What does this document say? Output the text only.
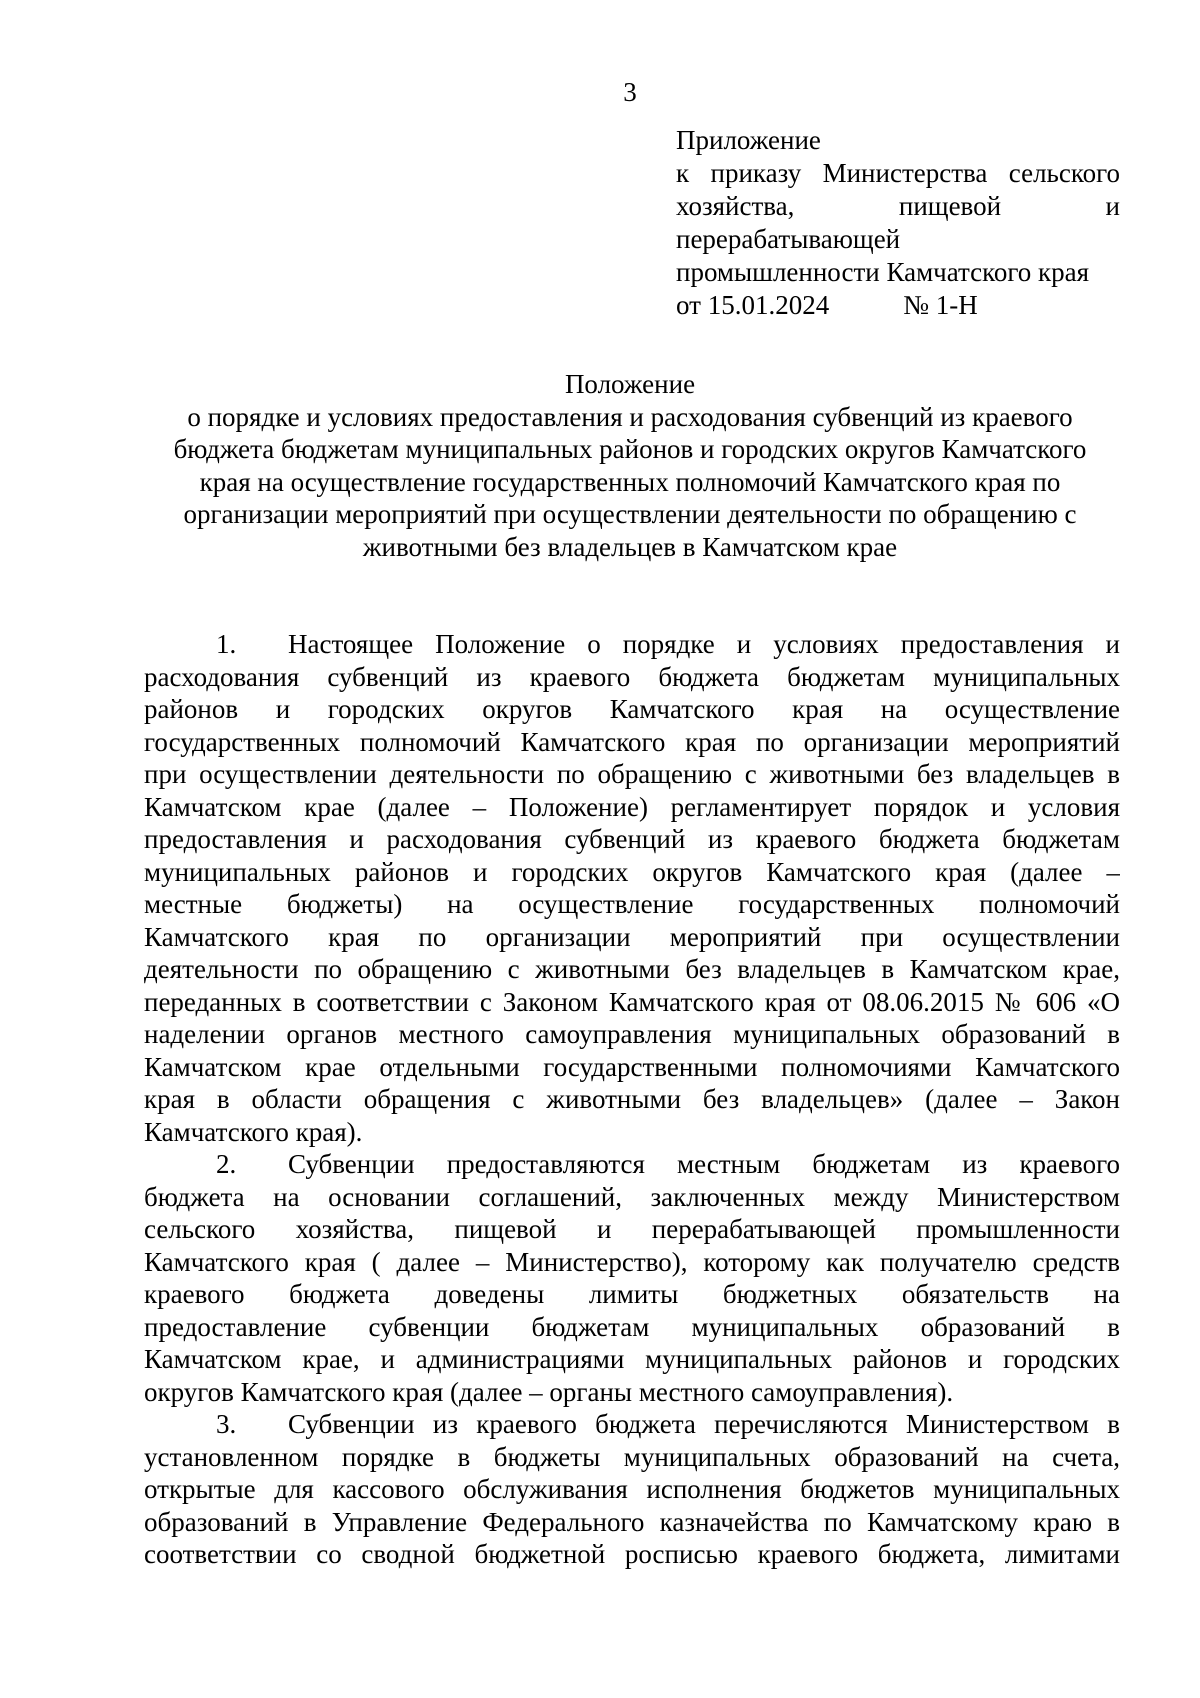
3
Приложение
к приказу Министерства сельского
хозяйства, пищевой и
перерабатывающей
промышленности Камчатского края
от 15.01.2024	№ 1-Н
Положение
о порядке и условиях предоставления и расходования субвенций из краевого
бюджета бюджетам муниципальных районов и городских округов Камчатского
края на осуществление государственных полномочий Камчатского края по
организации мероприятий при осуществлении деятельности по обращению с
животными без владельцев в Камчатском крае
1. Настоящее Положение о порядке и условиях предоставления и
расходования субвенций из краевого бюджета бюджетам муниципальных
районов и городских округов Камчатского края на осуществление
государственных полномочий Камчатского края по организации мероприятий
при осуществлении деятельности по обращению с животными без владельцев в
Камчатском крае (далее – Положение) регламентирует порядок и условия
предоставления и расходования субвенций из краевого бюджета бюджетам
муниципальных районов и городских округов Камчатского края (далее –
местные бюджеты) на осуществление государственных полномочий
Камчатского края по организации мероприятий при осуществлении
деятельности по обращению с животными без владельцев в Камчатском крае,
переданных в соответствии с Законом Камчатского края от 08.06.2015 № 606 «О
наделении органов местного самоуправления муниципальных образований в
Камчатском крае отдельными государственными полномочиями Камчатского
края в области обращения с животными без владельцев» (далее – Закон
Камчатского края).
2. Субвенции предоставляются местным бюджетам из краевого
бюджета на основании соглашений, заключенных между Министерством
сельского хозяйства, пищевой и перерабатывающей промышленности
Камчатского края ( далее – Министерство), которому как получателю средств
краевого бюджета доведены лимиты бюджетных обязательств на
предоставление субвенции бюджетам муниципальных образований в
Камчатском крае, и администрациями муниципальных районов и городских
округов Камчатского края (далее – органы местного самоуправления).
3. Субвенции из краевого бюджета перечисляются Министерством в
установленном порядке в бюджеты муниципальных образований на счета,
открытые для кассового обслуживания исполнения бюджетов муниципальных
образований в Управление Федерального казначейства по Камчатскому краю в
соответствии со сводной бюджетной росписью краевого бюджета, лимитами
